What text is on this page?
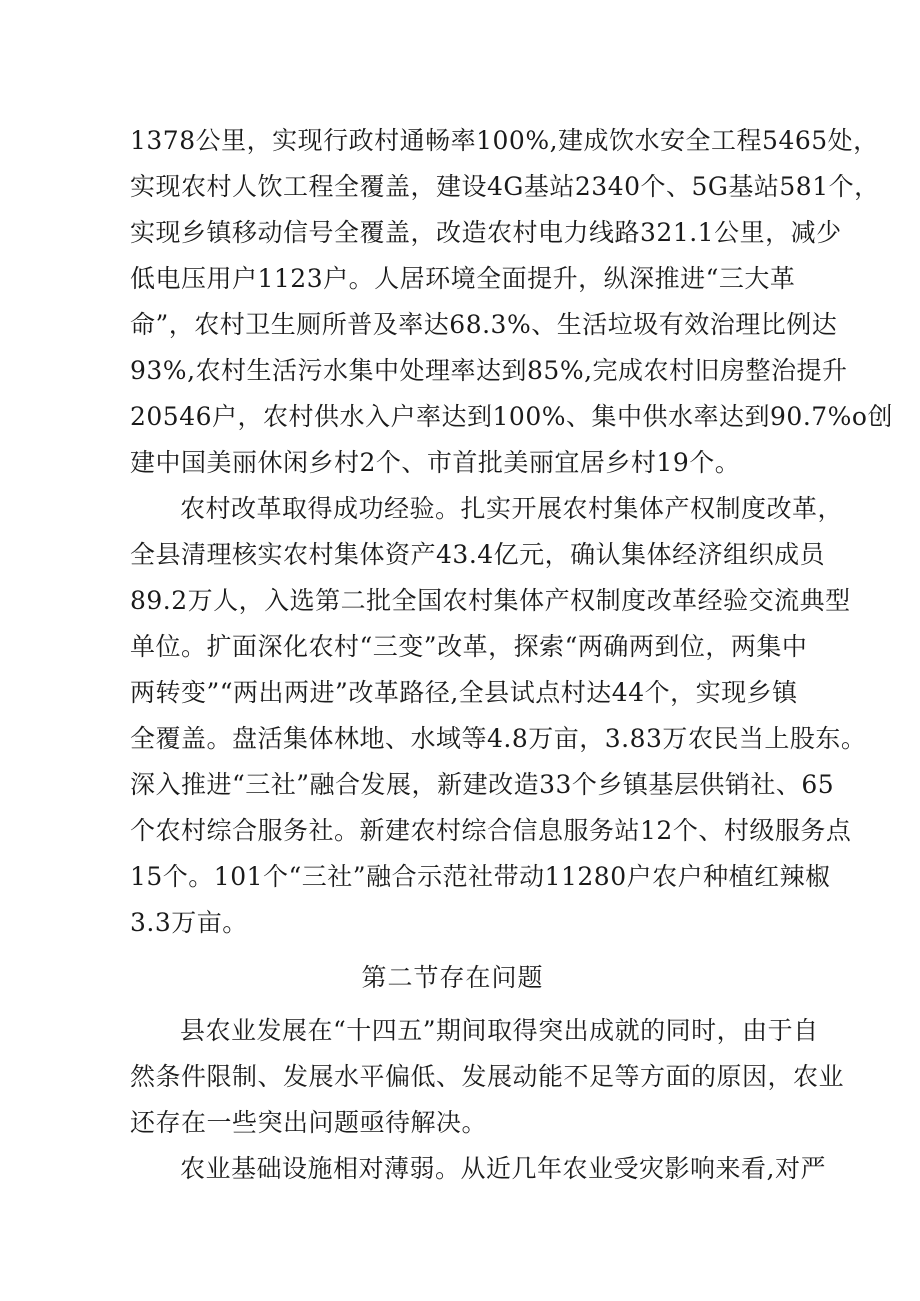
1378公里，实现行政村通畅率100%,建成饮水安全工程5465处，
实现农村人饮工程全覆盖，建设4G基站2340个、5G基站581个，
实现乡镇移动信号全覆盖，改造农村电力线路321.1公里，减少
低电压用户1123户。人居环境全面提升，纵深推进“三大革
命”，农村卫生厕所普及率达68.3%、生活垃圾有效治理比例达
93%,农村生活污水集中处理率达到85%,完成农村旧房整治提升
20546户，农村供水入户率达到100%、集中供水率达到90.7%o创
建中国美丽休闲乡村2个、市首批美丽宜居乡村19个。
农村改革取得成功经验。扎实开展农村集体产权制度改革，
全县清理核实农村集体资产43.4亿元，确认集体经济组织成员
89.2万人，入选第二批全国农村集体产权制度改革经验交流典型
单位。扩面深化农村“三变”改革，探索“两确两到位，两集中
两转变”“两出两进”改革路径,全县试点村达44个，实现乡镇
全覆盖。盘活集体林地、水域等4.8万亩，3.83万农民当上股东。
深入推进“三社”融合发展，新建改造33个乡镇基层供销社、65
个农村综合服务社。新建农村综合信息服务站12个、村级服务点
15个。101个“三社”融合示范社带动11280户农户种植红辣椒
3.3万亩。
第二节存在问题
县农业发展在“十四五”期间取得突出成就的同时，由于自
然条件限制、发展水平偏低、发展动能不足等方面的原因，农业
还存在一些突出问题亟待解决。
农业基础设施相对薄弱。从近几年农业受灾影响来看,对严
